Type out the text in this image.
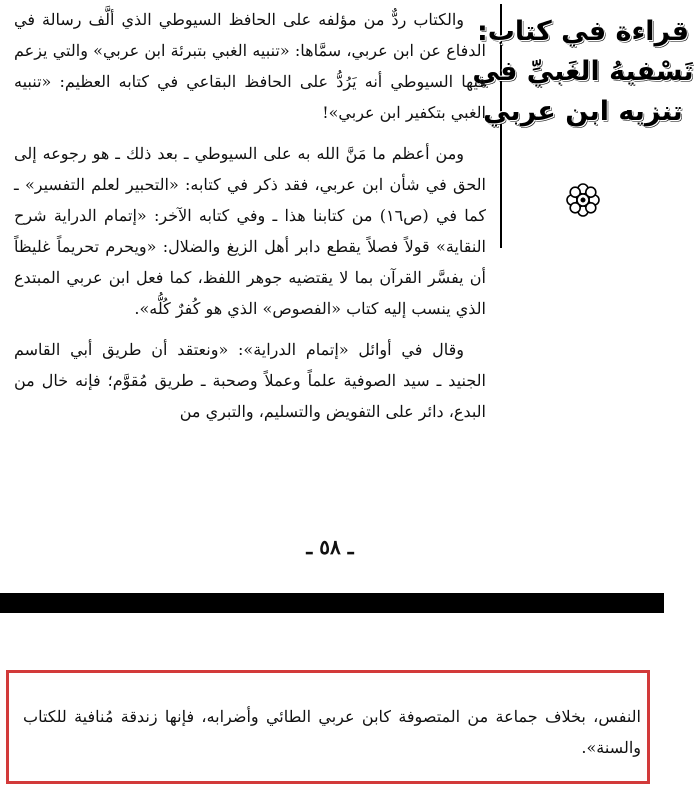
قراءة في كتاب:
تَسْفيهُ الغَبيِّ في
تنزيه ابن عربي

والكتاب ردٌّ من مؤلفه على الحافظ السيوطي الذي ألَّف رسالة في الدفاع عن ابن عربي، سمَّاها: «تنبيه الغبي بتبرئة ابن عربي» والتي يزعم فيها السيوطي أنه يَرُدُّ على الحافظ البقاعي في كتابه العظيم: «تنبيه الغبي بتكفير ابن عربي»!

ومن أعظم ما مَنَّ الله به على السيوطي ـ بعد ذلك ـ هو رجوعه إلى الحق في شأن ابن عربي، فقد ذكر في كتابه: «التحبير لعلم التفسير» ـ كما في (ص١٦) من كتابنا هذا ـ وفي كتابه الآخر: «إتمام الدراية شرح النقاية» قولاً فصلاً يقطع دابر أهل الزيغ والضلال: «ويحرم تحريماً غليظاً أن يفسَّر القرآن بما لا يقتضيه جوهر اللفظ، كما فعل ابن عربي المبتدع الذي ينسب إليه كتاب «الفصوص» الذي هو كُفرٌ كُلُّه».

وقال في أوائل «إتمام الدراية»: «ونعتقد أن طريق أبي القاسم الجنيد ـ سيد الصوفية علماً وعملاً وصحبة ـ طريق مُقوَّم؛ فإنه خال من البدع، دائر على التفويض والتسليم، والتبري من

ـ ٥٨ ـ
النفس، بخلاف جماعة من المتصوفة كابن عربي الطائي وأضرابه، فإنها زندقة مُنافية للكتاب والسنة».
